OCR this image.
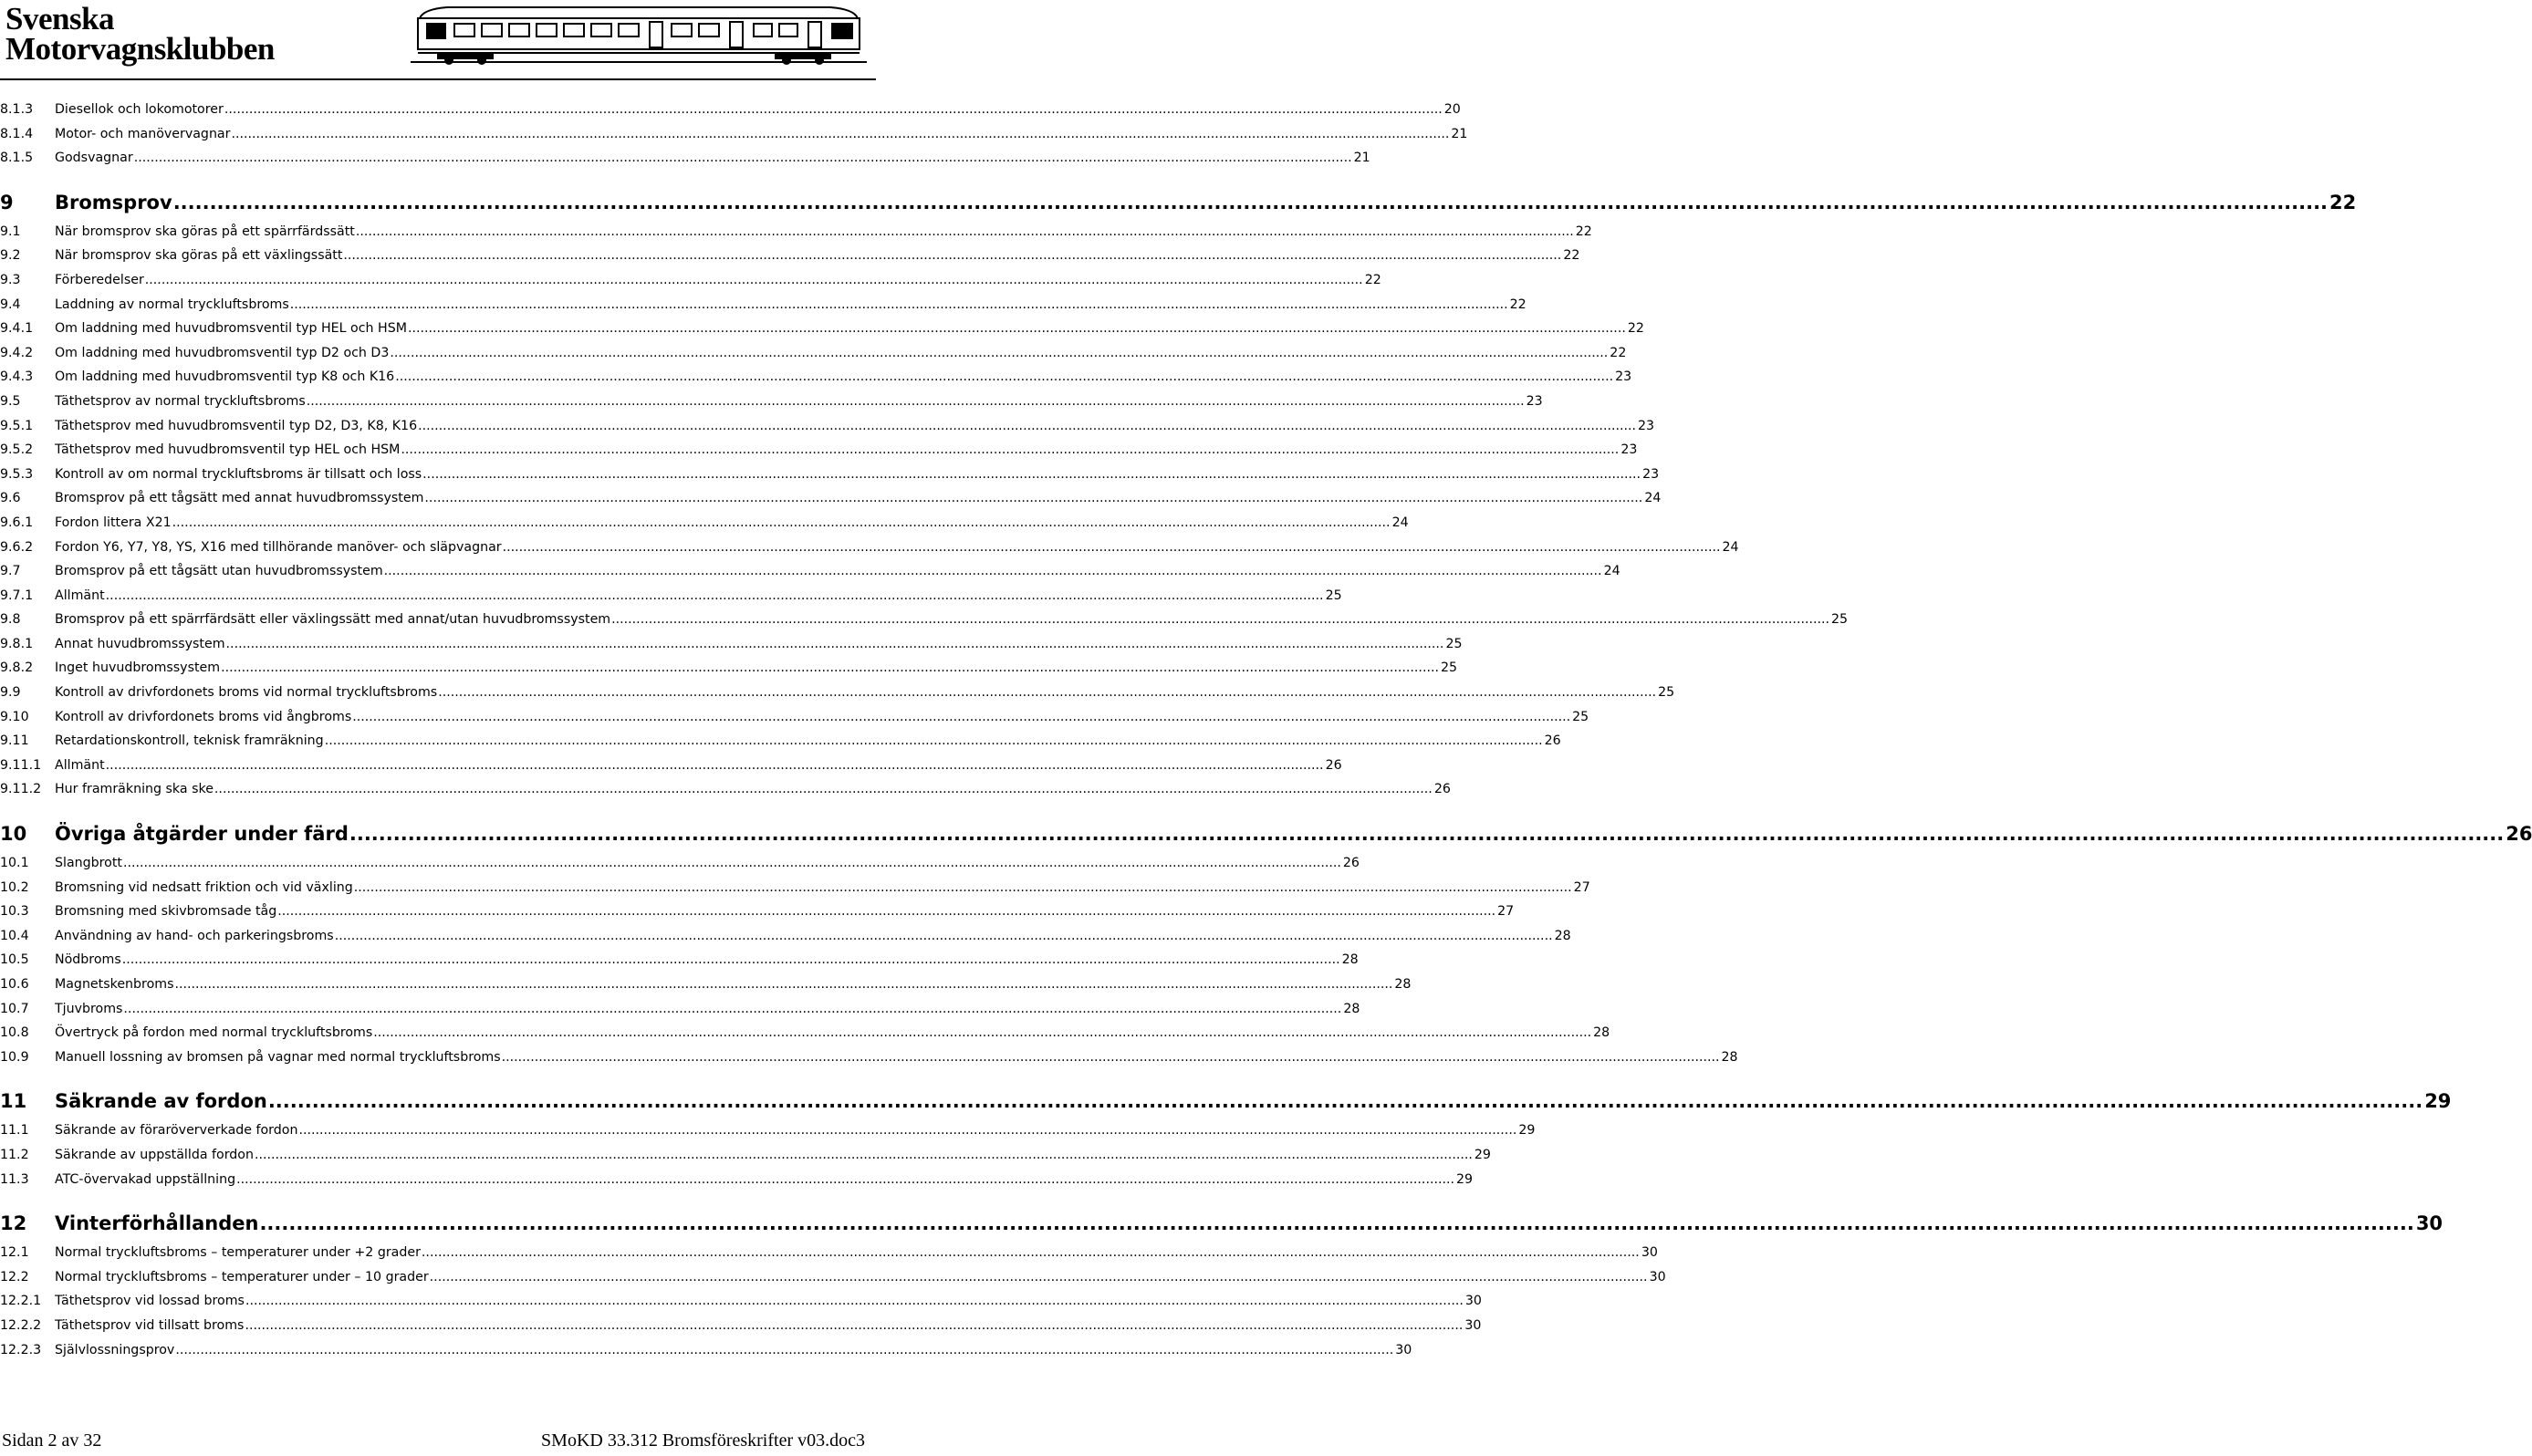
Svenska
Motorvagnsklubben
8.1.3	Diesellok och lokomotorer .....	20
8.1.4	Motor- och manövervagnar .....	21
8.1.5	Godsvagnar .....	21
9	Bromsprov .....	22
9.1	När bromsprov ska göras på ett spärrfärdssätt .....	22
9.2	När bromsprov ska göras på ett växlingssätt .....	22
9.3	Förberedelser .....	22
9.4	Laddning av normal tryckluftsbroms .....	22
9.4.1	Om laddning med huvudbromsventil typ HEL och HSM .....	22
9.4.2	Om laddning med huvudbromsventil typ D2 och D3 .....	22
9.4.3	Om laddning med huvudbromsventil typ K8 och K16 .....	23
9.5	Täthetsprov av normal tryckluftsbroms .....	23
9.5.1	Täthetsprov med huvudbromsventil typ D2, D3, K8, K16 .....	23
9.5.2	Täthetsprov med huvudbromsventil typ HEL och HSM .....	23
9.5.3	Kontroll av om normal tryckluftsbroms är tillsatt och loss .....	23
9.6	Bromsprov på ett tågsätt med annat huvudbromssystem .....	24
9.6.1	Fordon littera X21 .....	24
9.6.2	Fordon Y6, Y7, Y8, YS, X16 med tillhörande manöver- och släpvagnar .....	24
9.7	Bromsprov på ett tågsätt utan huvudbromssystem .....	24
9.7.1	Allmänt .....	25
9.8	Bromsprov på ett spärrfärdsätt eller växlingssätt med annat/utan huvudbromssystem .....	25
9.8.1	Annat huvudbromssystem .....	25
9.8.2	Inget huvudbromssystem .....	25
9.9	Kontroll av drivfordonets broms vid normal tryckluftsbroms .....	25
9.10	Kontroll av drivfordonets broms vid ångbroms .....	25
9.11	Retardationskontroll, teknisk framräkning .....	26
9.11.1	Allmänt .....	26
9.11.2	Hur framräkning ska ske .....	26
10	Övriga åtgärder under färd .....	26
10.1	Slangbrott .....	26
10.2	Bromsning vid nedsatt friktion och vid växling .....	27
10.3	Bromsning med skivbromsade tåg .....	27
10.4	Användning av hand- och parkeringsbroms .....	28
10.5	Nödbroms .....	28
10.6	Magnetskenbroms .....	28
10.7	Tjuvbroms .....	28
10.8	Övertryck på fordon med normal tryckluftsbroms .....	28
10.9	Manuell lossning av bromsen på vagnar med normal tryckluftsbroms .....	28
11	Säkrande av fordon .....	29
11.1	Säkrande av föraröververkade fordon .....	29
11.2	Säkrande av uppställda fordon .....	29
11.3	ATC-övervakad uppställning .....	29
12	Vinterförhållanden .....	30
12.1	Normal tryckluftsbroms – temperaturer under +2 grader .....	30
12.2	Normal tryckluftsbroms – temperaturer under – 10 grader .....	30
12.2.1	Täthetsprov vid lossad broms .....	30
12.2.2	Täthetsprov vid tillsatt broms .....	30
12.2.3	Självlossningsprov .....	30
Sidan 2 av 32	SMoKD 33.312 Bromsföreskrifter v03.doc3
